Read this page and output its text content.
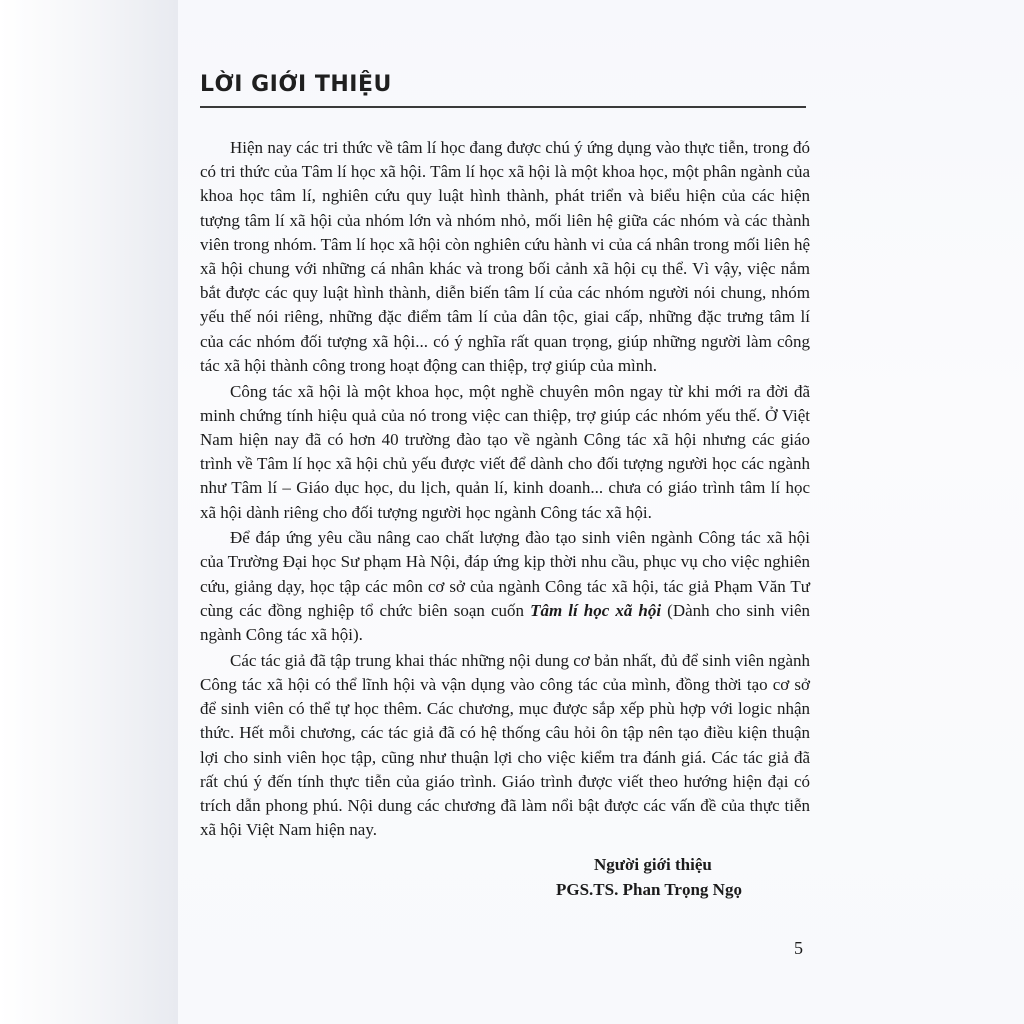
LỜI GIỚI THIỆU

Hiện nay các tri thức về tâm lí học đang được chú ý ứng dụng vào thực tiễn, trong đó có tri thức của Tâm lí học xã hội. Tâm lí học xã hội là một khoa học, một phân ngành của khoa học tâm lí, nghiên cứu quy luật hình thành, phát triển và biểu hiện của các hiện tượng tâm lí xã hội của nhóm lớn và nhóm nhỏ, mối liên hệ giữa các nhóm và các thành viên trong nhóm. Tâm lí học xã hội còn nghiên cứu hành vi của cá nhân trong mối liên hệ xã hội chung với những cá nhân khác và trong bối cảnh xã hội cụ thể. Vì vậy, việc nắm bắt được các quy luật hình thành, diễn biến tâm lí của các nhóm người nói chung, nhóm yếu thế nói riêng, những đặc điểm tâm lí của dân tộc, giai cấp, những đặc trưng tâm lí của các nhóm đối tượng xã hội... có ý nghĩa rất quan trọng, giúp những người làm công tác xã hội thành công trong hoạt động can thiệp, trợ giúp của mình.

Công tác xã hội là một khoa học, một nghề chuyên môn ngay từ khi mới ra đời đã minh chứng tính hiệu quả của nó trong việc can thiệp, trợ giúp các nhóm yếu thế. Ở Việt Nam hiện nay đã có hơn 40 trường đào tạo về ngành Công tác xã hội nhưng các giáo trình về Tâm lí học xã hội chủ yếu được viết để dành cho đối tượng người học các ngành như Tâm lí – Giáo dục học, du lịch, quản lí, kinh doanh... chưa có giáo trình tâm lí học xã hội dành riêng cho đối tượng người học ngành Công tác xã hội.

Để đáp ứng yêu cầu nâng cao chất lượng đào tạo sinh viên ngành Công tác xã hội của Trường Đại học Sư phạm Hà Nội, đáp ứng kịp thời nhu cầu, phục vụ cho việc nghiên cứu, giảng dạy, học tập các môn cơ sở của ngành Công tác xã hội, tác giả Phạm Văn Tư cùng các đồng nghiệp tổ chức biên soạn cuốn Tâm lí học xã hội (Dành cho sinh viên ngành Công tác xã hội).

Các tác giả đã tập trung khai thác những nội dung cơ bản nhất, đủ để sinh viên ngành Công tác xã hội có thể lĩnh hội và vận dụng vào công tác của mình, đồng thời tạo cơ sở để sinh viên có thể tự học thêm. Các chương, mục được sắp xếp phù hợp với logic nhận thức. Hết mỗi chương, các tác giả đã có hệ thống câu hỏi ôn tập nên tạo điều kiện thuận lợi cho sinh viên học tập, cũng như thuận lợi cho việc kiểm tra đánh giá. Các tác giả đã rất chú ý đến tính thực tiễn của giáo trình. Giáo trình được viết theo hướng hiện đại có trích dẫn phong phú. Nội dung các chương đã làm nổi bật được các vấn đề của thực tiễn xã hội Việt Nam hiện nay.

Người giới thiệu
PGS.TS. Phan Trọng Ngọ
5
